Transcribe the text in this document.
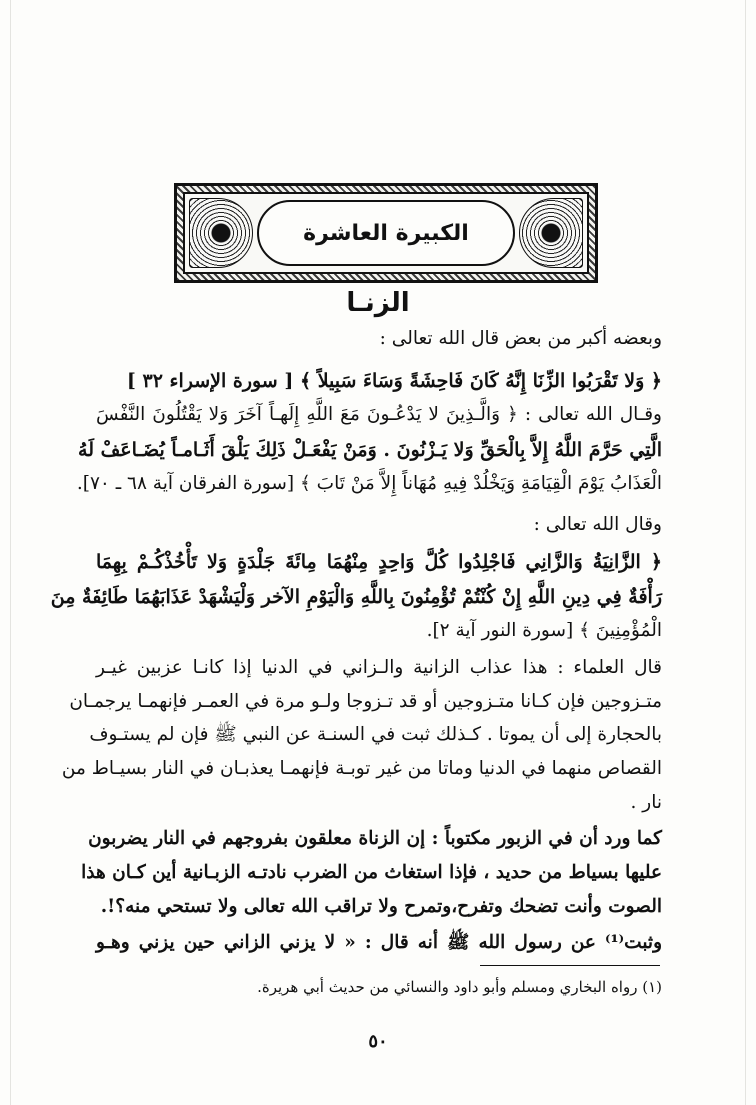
الكبيرة العاشرة
الزنـا
وبعضه أكبر من بعض قال الله تعالى :
﴿ وَلا تَقْرَبُوا الزِّنَا إِنَّهُ كَانَ فَاحِشَةً وَسَاءَ سَبِيلاً ﴾ [ سورة الإسراء ٣٢ ]
وقـال الله تعالى : ﴿ وَالَّـذِينَ لا يَدْعُـونَ مَعَ اللَّهِ إِلَهـاً آخَرَ وَلا يَقْتُلُونَ النَّفْسَ
الَّتِي حَرَّمَ اللَّهُ إِلاَّ بِالْحَقِّ وَلا يَـزْنُونَ . وَمَنْ يَفْعَـلْ ذَلِكَ يَلْقَ أَثَـامـاً يُضَـاعَفْ لَهُ
الْعَذَابُ يَوْمَ الْقِيَامَةِ وَيَخْلُدْ فِيهِ مُهَاناً إِلاَّ مَنْ تَابَ ﴾ [سورة الفرقان آية ٦٨ ـ ٧٠].
وقال الله تعالى :
﴿ الزَّانِيَةُ وَالزَّانِي فَاجْلِدُوا كُلَّ وَاحِدٍ مِنْهُمَا مِائَةَ جَلْدَةٍ وَلا تَأْخُذْكُـمْ بِهِمَا
رَأْفَةٌ فِي دِينِ اللَّهِ إِنْ كُنْتُمْ تُؤْمِنُونَ بِاللَّهِ وَالْيَوْمِ الآخر وَلْيَشْهَدْ عَذَابَهُمَا طَائِفَةٌ مِنَ
الْمُؤْمِنِينَ ﴾ [سورة النور آية ٢].
قال العلماء : هذا عذاب الزانية والـزاني في الدنيا إذا كانـا عزبين غيـر
متـزوجين فإن كـانا متـزوجين أو قد تـزوجا ولـو مرة في العمـر فإنهمـا يرجمـان
بالحجارة إلى أن يموتا . كـذلك ثبت في السنـة عن النبي ﷺ فإن لم يستـوف
القصاص منهما في الدنيا وماتا من غير توبـة فإنهمـا يعذبـان في النار بسيـاط من
نار .
كما ورد أن في الزبور مكتوباً : إن الزناة معلقون بفروجهم في النار يضربون
عليها بسياط من حديد ، فإذا استغاث من الضرب نادتـه الزبـانية أين كـان هذا
الصوت وأنت تضحك وتفرح،وتمرح ولا تراقب الله تعالى ولا تستحي منه؟!.
وثبت⁽¹⁾ عن رسول الله ﷺ أنه قال : « لا يزني الزاني حين يزني وهـو
(١) رواه البخاري ومسلم وأبو داود والنسائي من حديث أبي هريرة.
٥٠
